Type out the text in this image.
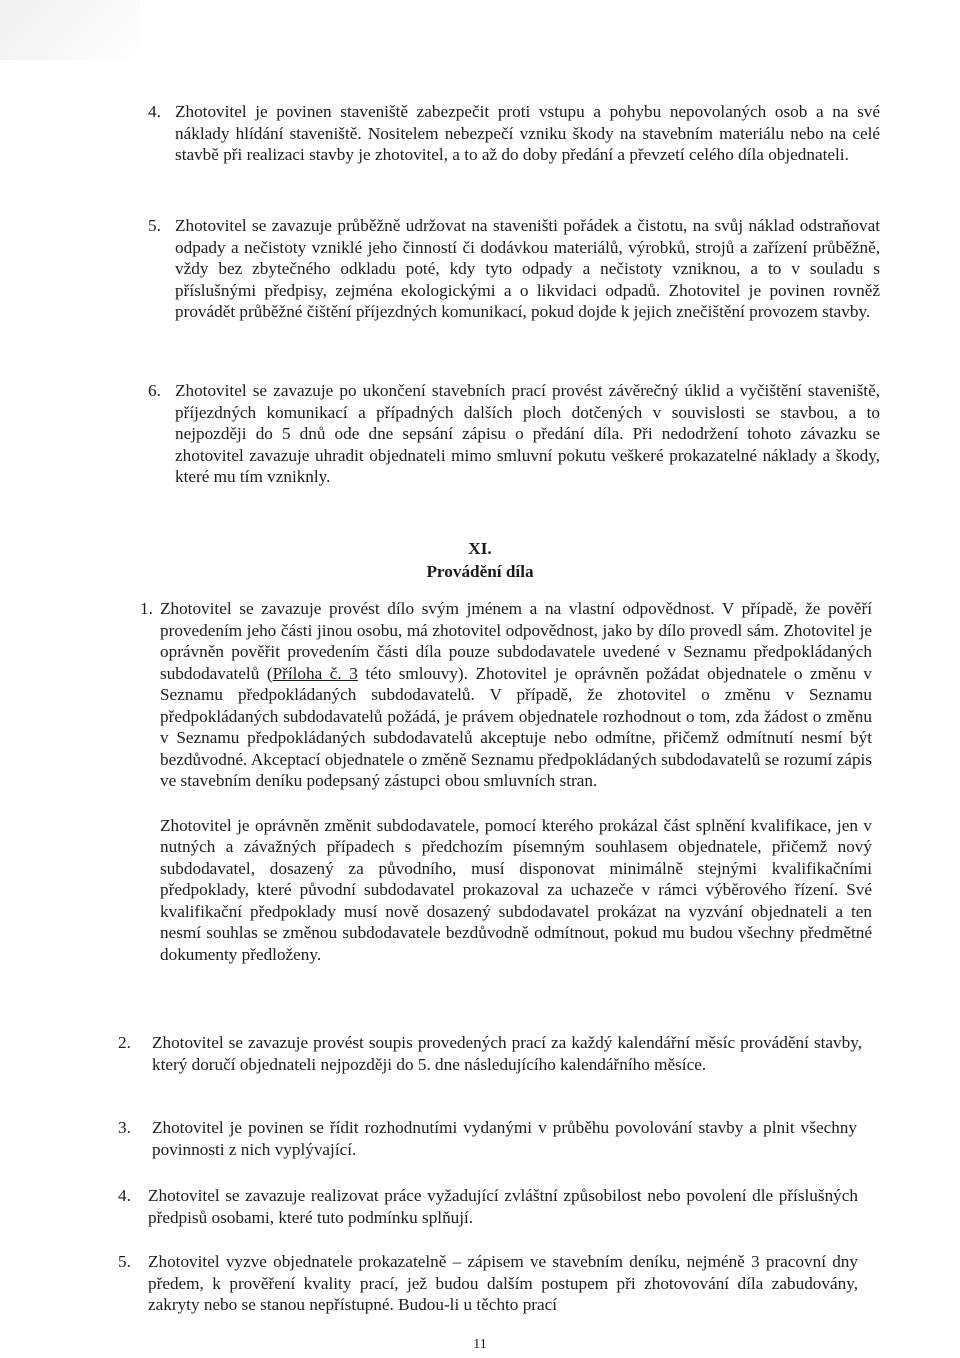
4. Zhotovitel je povinen staveniště zabezpečit proti vstupu a pohybu nepovolaných osob a na své náklady hlídání staveniště. Nositelem nebezpečí vzniku škody na stavebním materiálu nebo na celé stavbě při realizaci stavby je zhotovitel, a to až do doby předání a převzetí celého díla objednateli.

5. Zhotovitel se zavazuje průběžně udržovat na staveništi pořádek a čistotu, na svůj náklad odstraňovat odpady a nečistoty vzniklé jeho činností či dodávkou materiálů, výrobků, strojů a zařízení průběžně, vždy bez zbytečného odkladu poté, kdy tyto odpady a nečistoty vzniknou, a to v souladu s příslušnými předpisy, zejména ekologickými a o likvidaci odpadů. Zhotovitel je povinen rovněž provádět průběžné čištění příjezdných komunikací, pokud dojde k jejich znečištění provozem stavby.

6. Zhotovitel se zavazuje po ukončení stavebních prací provést závěrečný úklid a vyčištění staveniště, příjezdných komunikací a případných dalších ploch dotčených v souvislosti se stavbou, a to nejpozději do 5 dnů ode dne sepsání zápisu o předání díla. Při nedodržení tohoto závazku se zhotovitel zavazuje uhradit objednateli mimo smluvní pokutu veškeré prokazatelné náklady a škody, které mu tím vzniknly.

XI.
Provádění díla
1. Zhotovitel se zavazuje provést dílo svým jménem a na vlastní odpovědnost. V případě, že pověří provedením jeho části jinou osobu, má zhotovitel odpovědnost, jako by dílo provedl sám. Zhotovitel je oprávněn pověřit provedením části díla pouze subdodavatele uvedené v Seznamu předpokládaných subdodavatelů (Příloha č. 3 této smlouvy). Zhotovitel je oprávněn požádat objednatele o změnu v Seznamu předpokládaných subdodavatelů. V případě, že zhotovitel o změnu v Seznamu předpokládaných subdodavatelů požádá, je právem objednatele rozhodnout o tom, zda žádost o změnu v Seznamu předpokládaných subdodavatelů akceptuje nebo odmítne, přičemž odmítnutí nesmí být bezdůvodné. Akceptací objednatele o změně Seznamu předpokládaných subdodavatelů se rozumí zápis ve stavebním deníku podepsaný zástupci obou smluvních stran.

Zhotovitel je oprávněn změnit subdodavatele, pomocí kterého prokázal část splnění kvalifikace, jen v nutných a závažných případech s předchozím písemným souhlasem objednatele, přičemž nový subdodavatel, dosazený za původního, musí disponovat minimálně stejnými kvalifikačními předpoklady, které původní subdodavatel prokazoval za uchazeče v rámci výběrového řízení. Své kvalifikační předpoklady musí nově dosazený subdodavatel prokázat na vyzvání objednateli a ten nesmí souhlas se změnou subdodavatele bezdůvodně odmítnout, pokud mu budou všechny předmětné dokumenty předloženy.

2. Zhotovitel se zavazuje provést soupis provedených prací za každý kalendářní měsíc provádění stavby, který doručí objednateli nejpozději do 5. dne následujícího kalendářního měsíce.
3. Zhotovitel je povinen se řídit rozhodnutími vydanými v průběhu povolování stavby a plnit všechny povinnosti z nich vyplývající.
4. Zhotovitel se zavazuje realizovat práce vyžadující zvláštní způsobilost nebo povolení dle příslušných předpisů osobami, které tuto podmínku splňují.
5. Zhotovitel vyzve objednatele prokazatelně – zápisem ve stavebním deníku, nejméně 3 pracovní dny předem, k prověření kvality prací, jež budou dalším postupem při zhotovování díla zabudovány, zakryty nebo se stanou nepřístupné. Budou-li u těchto prací
11
